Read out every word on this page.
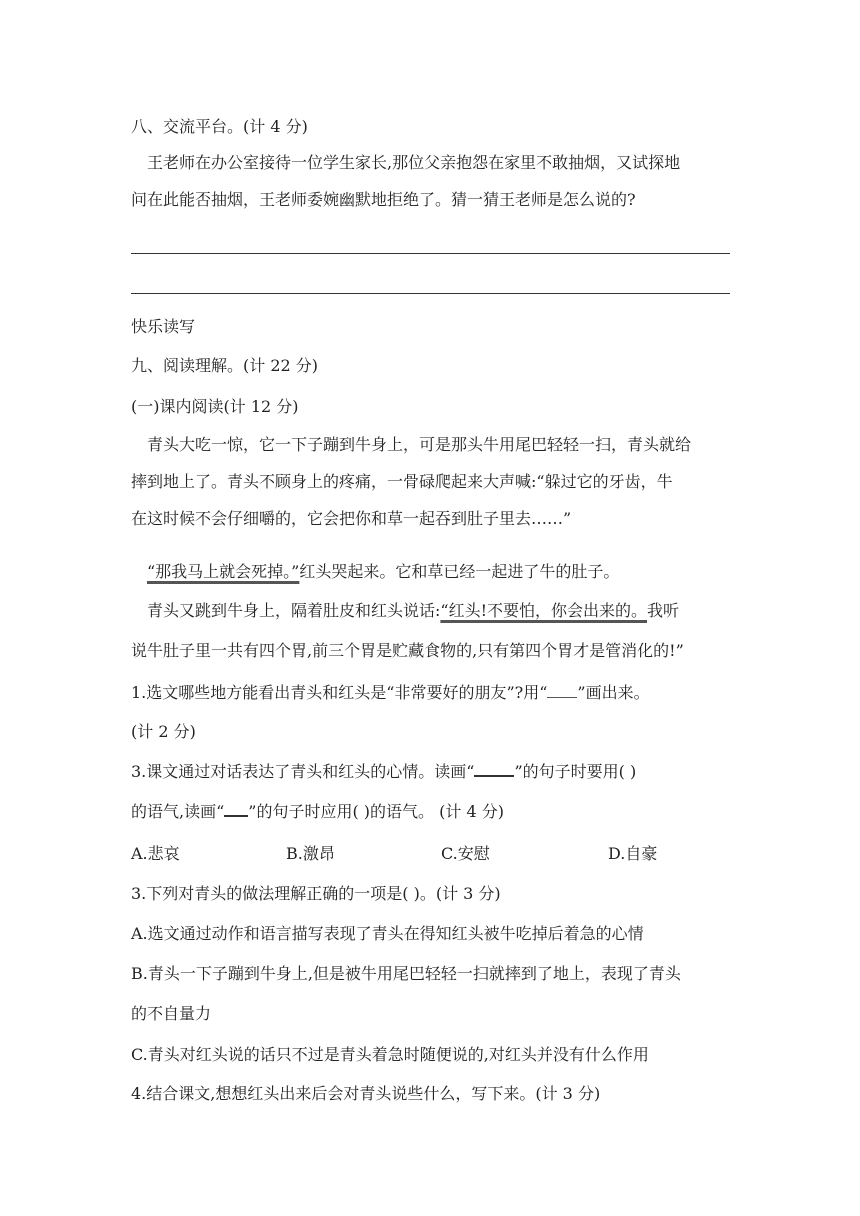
八、交流平台。(计 4 分)
王老师在办公室接待一位学生家长,那位父亲抱怨在家里不敢抽烟，又试探地
问在此能否抽烟，王老师委婉幽默地拒绝了。猜一猜王老师是怎么说的?
快乐读写
九、阅读理解。(计 22 分)
(一)课内阅读(计 12 分)
青头大吃一惊，它一下子蹦到牛身上，可是那头牛用尾巴轻轻一扫，青头就给
摔到地上了。青头不顾身上的疼痛，一骨碌爬起来大声喊:“躲过它的牙齿，牛
在这时候不会仔细嚼的，它会把你和草一起吞到肚子里去……”
“那我马上就会死掉。”红头哭起来。它和草已经一起进了牛的肚子。
青头又跳到牛身上，隔着肚皮和红头说话:“红头!不要怕，你会出来的。我听
说牛肚子里一共有四个胃,前三个胃是贮藏食物的,只有第四个胃才是管消化的!”
1.选文哪些地方能看出青头和红头是“非常要好的朋友”?用“ ”画出来。
(计 2 分)
3.课文通过对话表达了青头和红头的心情。读画“	”的句子时要用( )
的语气,读画“ ”的句子时应用( )的语气。 (计 4 分)
A.悲哀	B.激昂	C.安慰	D.自豪
3.下列对青头的做法理解正确的一项是( )。(计 3 分)
A.选文通过动作和语言描写表现了青头在得知红头被牛吃掉后着急的心情
B.青头一下子蹦到牛身上,但是被牛用尾巴轻轻一扫就摔到了地上，表现了青头
的不自量力
C.青头对红头说的话只不过是青头着急时随便说的,对红头并没有什么作用
4.结合课文,想想红头出来后会对青头说些什么，写下来。(计 3 分)
